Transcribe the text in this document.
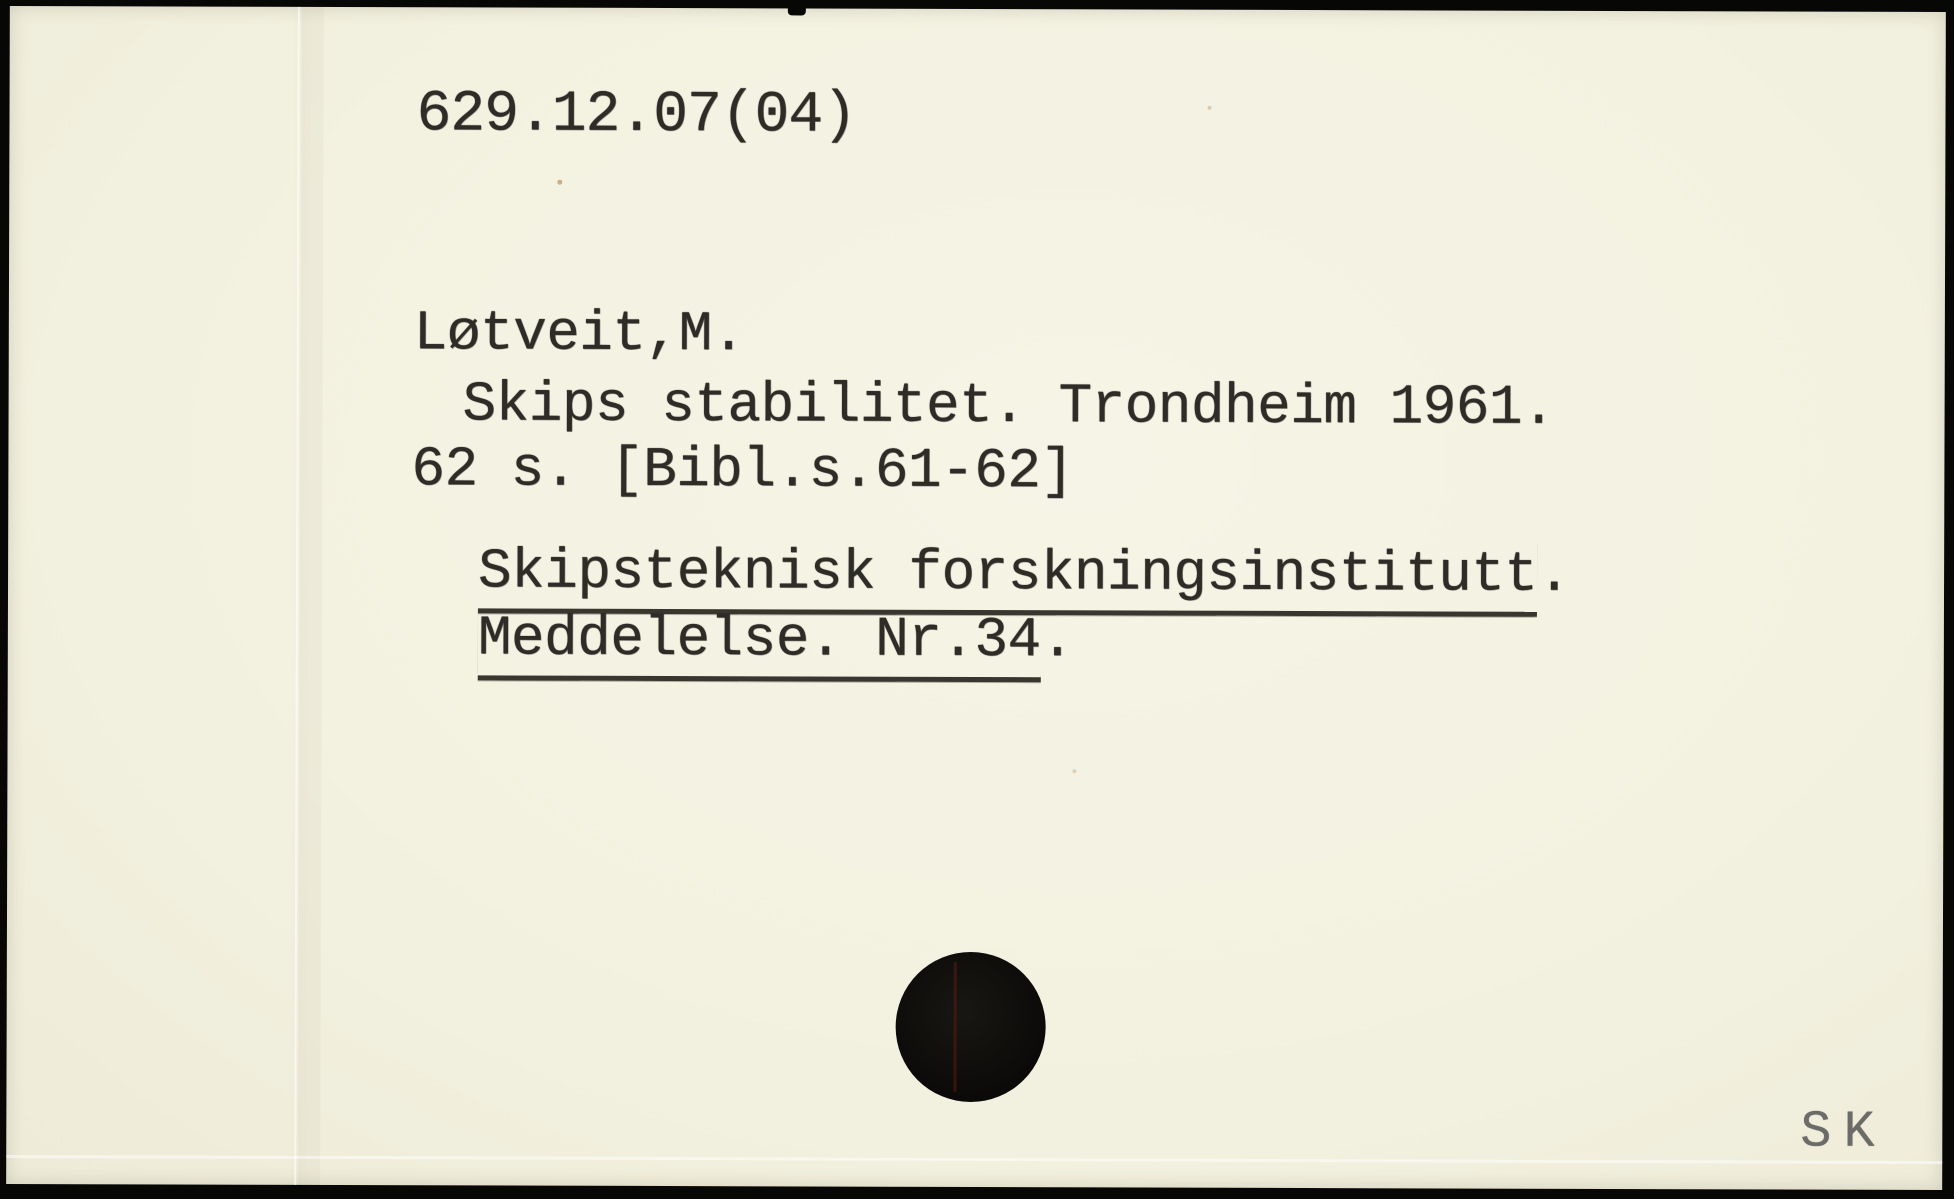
629.12.07(04)
Løtveit,M.
Skips stabilitet. Trondheim 1961.
62 s. [Bibl.s.61-62]
Skipsteknisk forskningsinstitutt.
Meddelelse. Nr.34.
SK
